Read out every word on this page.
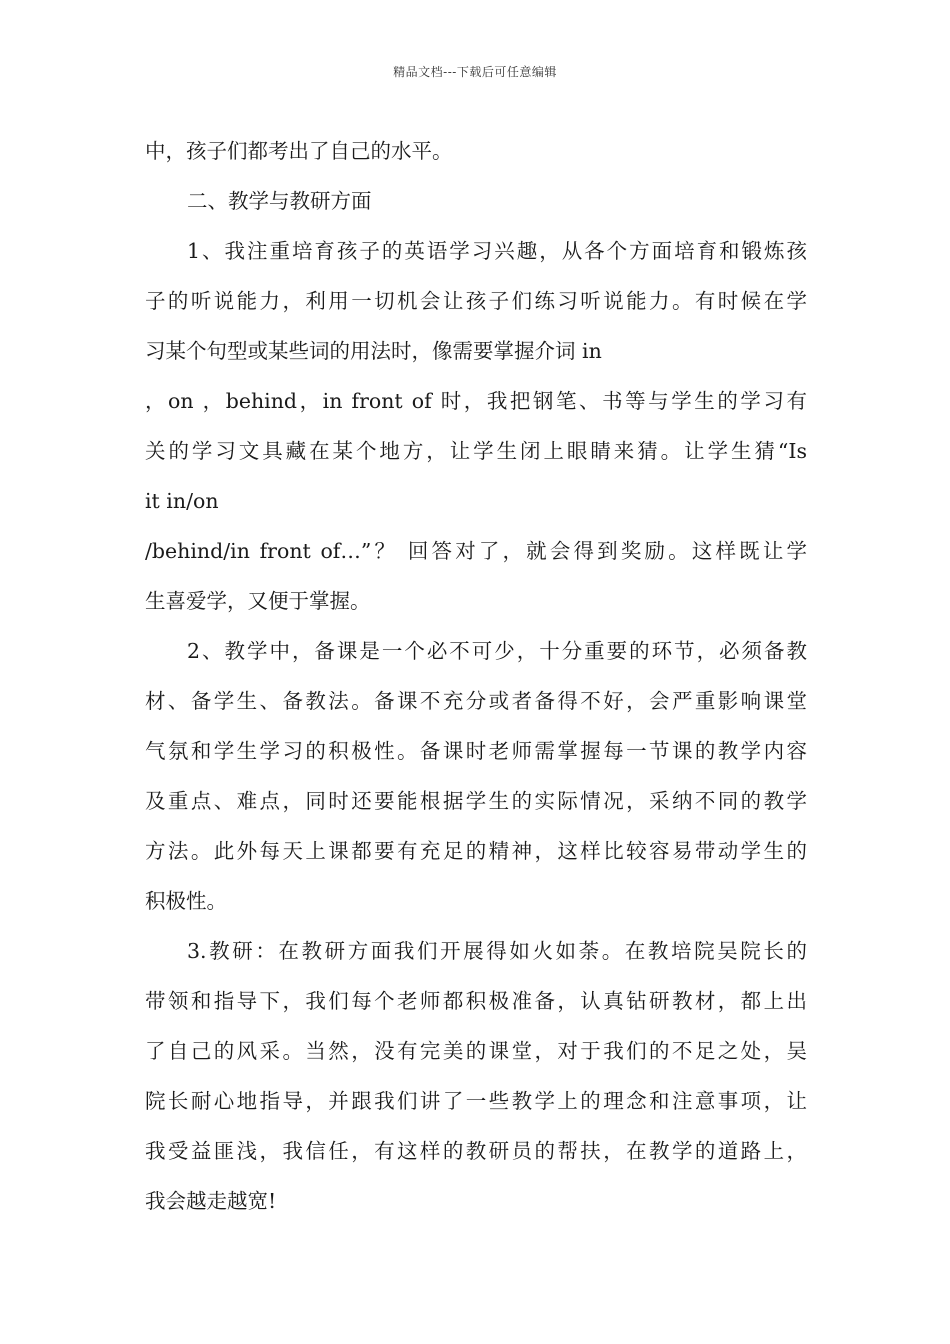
精品文档---下载后可任意编辑
中，孩子们都考出了自己的水平。
二、教学与教研方面
1、我注重培育孩子的英语学习兴趣，从各个方面培育和锻炼孩
子的听说能力，利用一切机会让孩子们练习听说能力。有时候在学
习某个句型或某些词的用法时，像需要掌握介词 in
，on ，behind，in front of 时，我把钢笔、书等与学生的学习有
关的学习文具藏在某个地方，让学生闭上眼睛来猜。让学生猜“Is
it in/on
/behind/in front of…”？ 回答对了，就会得到奖励。这样既让学
生喜爱学，又便于掌握。
2、教学中，备课是一个必不可少，十分重要的环节，必须备教
材、备学生、备教法。备课不充分或者备得不好，会严重影响课堂
气氛和学生学习的积极性。备课时老师需掌握每一节课的教学内容
及重点、难点，同时还要能根据学生的实际情况，采纳不同的教学
方法。此外每天上课都要有充足的精神，这样比较容易带动学生的
积极性。
3.教研：在教研方面我们开展得如火如荼。在教培院吴院长的
带领和指导下，我们每个老师都积极准备，认真钻研教材，都上出
了自己的风采。当然，没有完美的课堂，对于我们的不足之处，吴
院长耐心地指导，并跟我们讲了一些教学上的理念和注意事项，让
我受益匪浅，我信任，有这样的教研员的帮扶，在教学的道路上，
我会越走越宽!
